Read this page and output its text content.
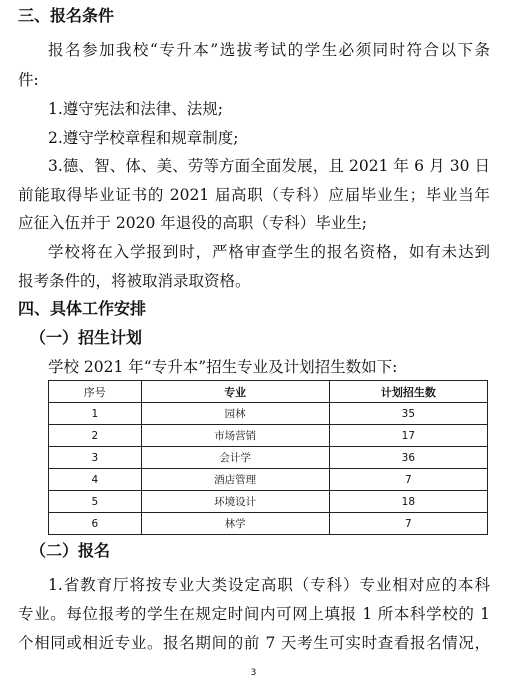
三、报名条件
报名参加我校“专升本”选拔考试的学生必须同时符合以下条
件:
1.遵守宪法和法律、法规;
2.遵守学校章程和规章制度;
3.德、智、体、美、劳等方面全面发展，且 2021 年 6 月 30 日
前能取得毕业证书的 2021 届高职（专科）应届毕业生；毕业当年
应征入伍并于 2020 年退役的高职（专科）毕业生;
学校将在入学报到时，严格审查学生的报名资格，如有未达到
报考条件的，将被取消录取资格。
四、具体工作安排
（一）招生计划
学校 2021 年“专升本”招生专业及计划招生数如下:
序号	专业	计划招生数
1	园林	35
2	市场营销	17
3	会计学	36
4	酒店管理	7
5	环境设计	18
6	林学	7
（二）报名
1.省教育厅将按专业大类设定高职（专科）专业相对应的本科
专业。每位报考的学生在规定时间内可网上填报 1 所本科学校的 1
个相同或相近专业。报名期间的前 7 天考生可实时查看报名情况，
3
